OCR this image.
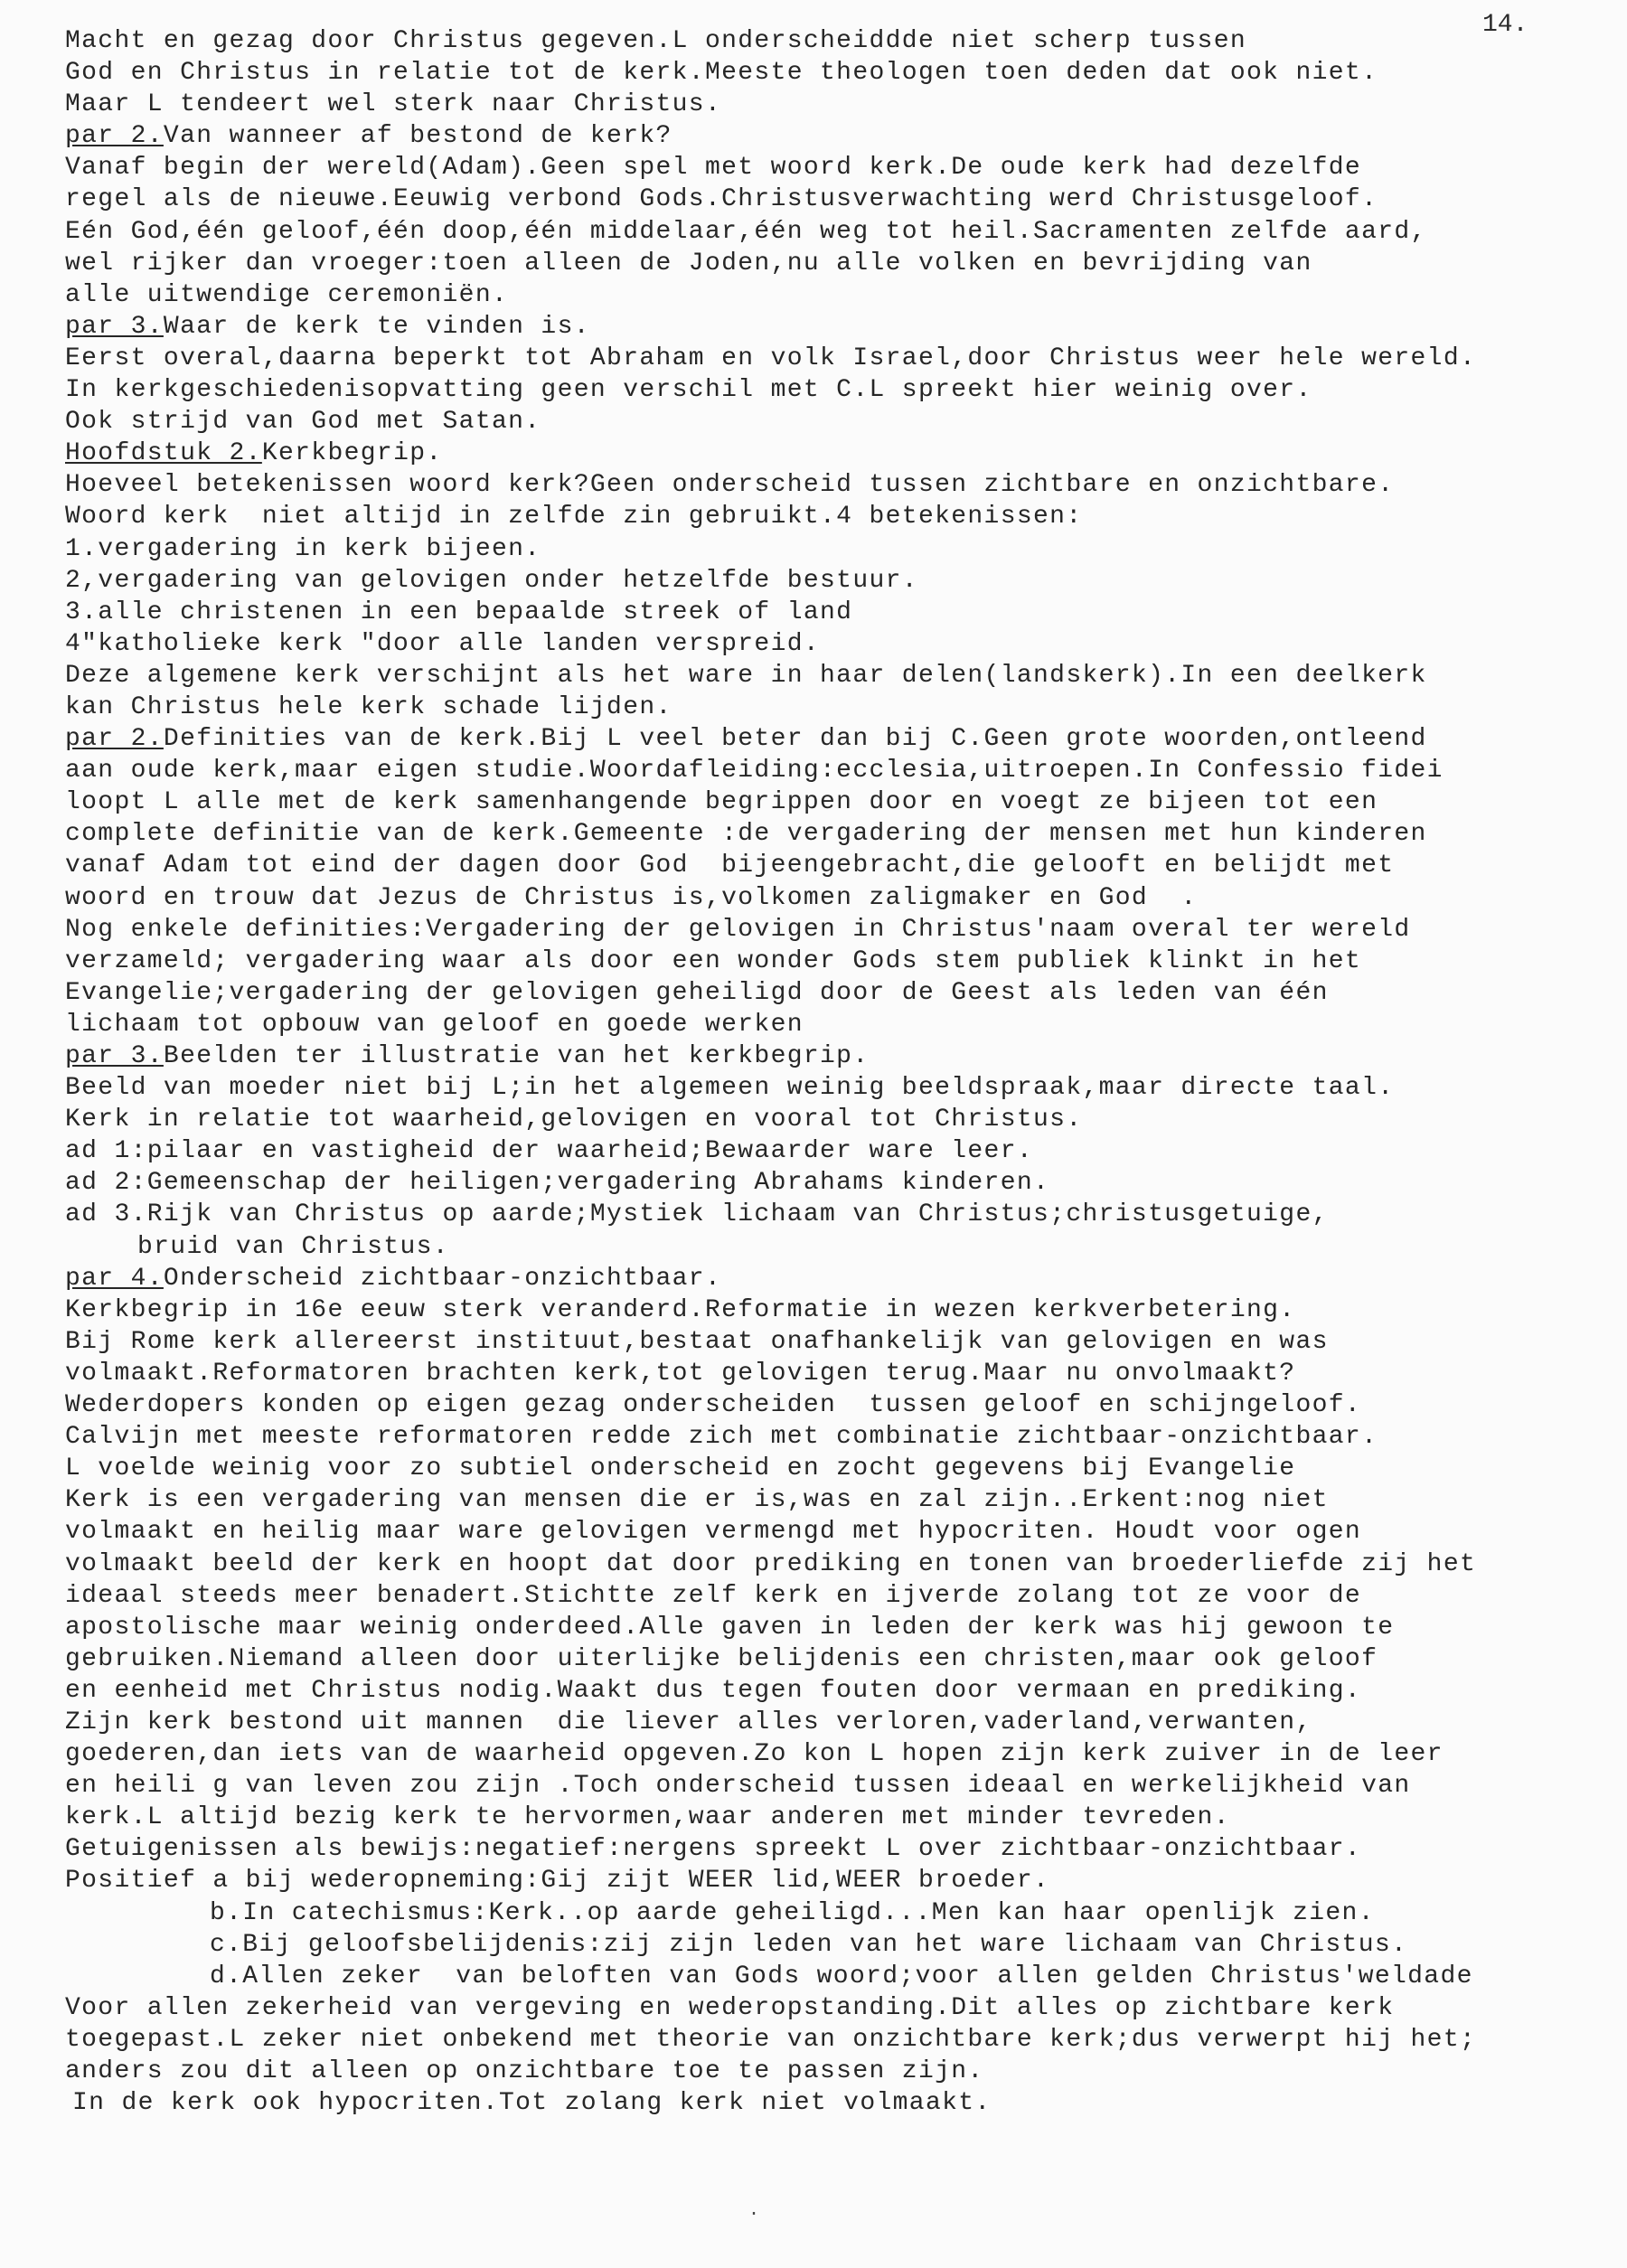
14.
Macht en gezag door Christus gegeven.L onderscheiddde niet scherp tussen
God en Christus in relatie tot de kerk.Meeste theologen toen deden dat ook niet.
Maar L tendeert wel sterk naar Christus.
par 2.Van wanneer af bestond de kerk?
Vanaf begin der wereld(Adam).Geen spel met woord kerk.De oude kerk had dezelfde
regel als de nieuwe.Eeuwig verbond Gods.Christusverwachting werd Christusgeloof.
Eén God,één geloof,één doop,één middelaar,één weg tot heil.Sacramenten zelfde aard,
wel rijker dan vroeger:toen alleen de Joden,nu alle volken en bevrijding van
alle uitwendige ceremoniën.
par 3.Waar de kerk te vinden is.
Eerst overal,daarna beperkt tot Abraham en volk Israel,door Christus weer hele wereld.
In kerkgeschiedenisopvatting geen verschil met C.L spreekt hier weinig over.
Ook strijd van God met Satan.
Hoofdstuk 2.Kerkbegrip.
Hoeveel betekenissen woord kerk?Geen onderscheid tussen zichtbare en onzichtbare.
Woord kerk  niet altijd in zelfde zin gebruikt.4 betekenissen:
1.vergadering in kerk bijeen.
2,vergadering van gelovigen onder hetzelfde bestuur.
3.alle christenen in een bepaalde streek of land
4"katholieke kerk "door alle landen verspreid.
Deze algemene kerk verschijnt als het ware in haar delen(landskerk).In een deelkerk
kan Christus hele kerk schade lijden.
par 2.Definities van de kerk.Bij L veel beter dan bij C.Geen grote woorden,ontleend
aan oude kerk,maar eigen studie.Woordafleiding:ecclesia,uitroepen.In Confessio fidei
loopt L alle met de kerk samenhangende begrippen door en voegt ze bijeen tot een
complete definitie van de kerk.Gemeente :de vergadering der mensen met hun kinderen
vanaf Adam tot eind der dagen door God  bijeengebracht,die gelooft en belijdt met
woord en trouw dat Jezus de Christus is,volkomen zaligmaker en God  .
Nog enkele definities:Vergadering der gelovigen in Christus'naam overal ter wereld
verzameld; vergadering waar als door een wonder Gods stem publiek klinkt in het
Evangelie;vergadering der gelovigen geheiligd door de Geest als leden van één
lichaam tot opbouw van geloof en goede werken
par 3.Beelden ter illustratie van het kerkbegrip.
Beeld van moeder niet bij L;in het algemeen weinig beeldspraak,maar directe taal.
Kerk in relatie tot waarheid,gelovigen en vooral tot Christus.
ad 1:pilaar en vastigheid der waarheid;Bewaarder ware leer.
ad 2:Gemeenschap der heiligen;vergadering Abrahams kinderen.
ad 3.Rijk van Christus op aarde;Mystiek lichaam van Christus;christusgetuige,
bruid van Christus.
par 4.Onderscheid zichtbaar-onzichtbaar.
Kerkbegrip in 16e eeuw sterk veranderd.Reformatie in wezen kerkverbetering.
Bij Rome kerk allereerst instituut,bestaat onafhankelijk van gelovigen en was
volmaakt.Reformatoren brachten kerk,tot gelovigen terug.Maar nu onvolmaakt?
Wederdopers konden op eigen gezag onderscheiden  tussen geloof en schijngeloof.
Calvijn met meeste reformatoren redde zich met combinatie zichtbaar-onzichtbaar.
L voelde weinig voor zo subtiel onderscheid en zocht gegevens bij Evangelie
Kerk is een vergadering van mensen die er is,was en zal zijn..Erkent:nog niet
volmaakt en heilig maar ware gelovigen vermengd met hypocriten. Houdt voor ogen
volmaakt beeld der kerk en hoopt dat door prediking en tonen van broederliefde zij het
ideaal steeds meer benadert.Stichtte zelf kerk en ijverde zolang tot ze voor de
apostolische maar weinig onderdeed.Alle gaven in leden der kerk was hij gewoon te
gebruiken.Niemand alleen door uiterlijke belijdenis een christen,maar ook geloof
en eenheid met Christus nodig.Waakt dus tegen fouten door vermaan en prediking.
Zijn kerk bestond uit mannen  die liever alles verloren,vaderland,verwanten,
goederen,dan iets van de waarheid opgeven.Zo kon L hopen zijn kerk zuiver in de leer
en heili g van leven zou zijn .Toch onderscheid tussen ideaal en werkelijkheid van
kerk.L altijd bezig kerk te hervormen,waar anderen met minder tevreden.
Getuigenissen als bewijs:negatief:nergens spreekt L over zichtbaar-onzichtbaar.
Positief a bij wederopneming:Gij zijt WEER lid,WEER broeder.
b.In catechismus:Kerk..op aarde geheiligd...Men kan haar openlijk zien.
c.Bij geloofsbelijdenis:zij zijn leden van het ware lichaam van Christus.
d.Allen zeker  van beloften van Gods woord;voor allen gelden Christus'weldade
Voor allen zekerheid van vergeving en wederopstanding.Dit alles op zichtbare kerk
toegepast.L zeker niet onbekend met theorie van onzichtbare kerk;dus verwerpt hij het;
anders zou dit alleen op onzichtbare toe te passen zijn.
In de kerk ook hypocriten.Tot zolang kerk niet volmaakt.
·
